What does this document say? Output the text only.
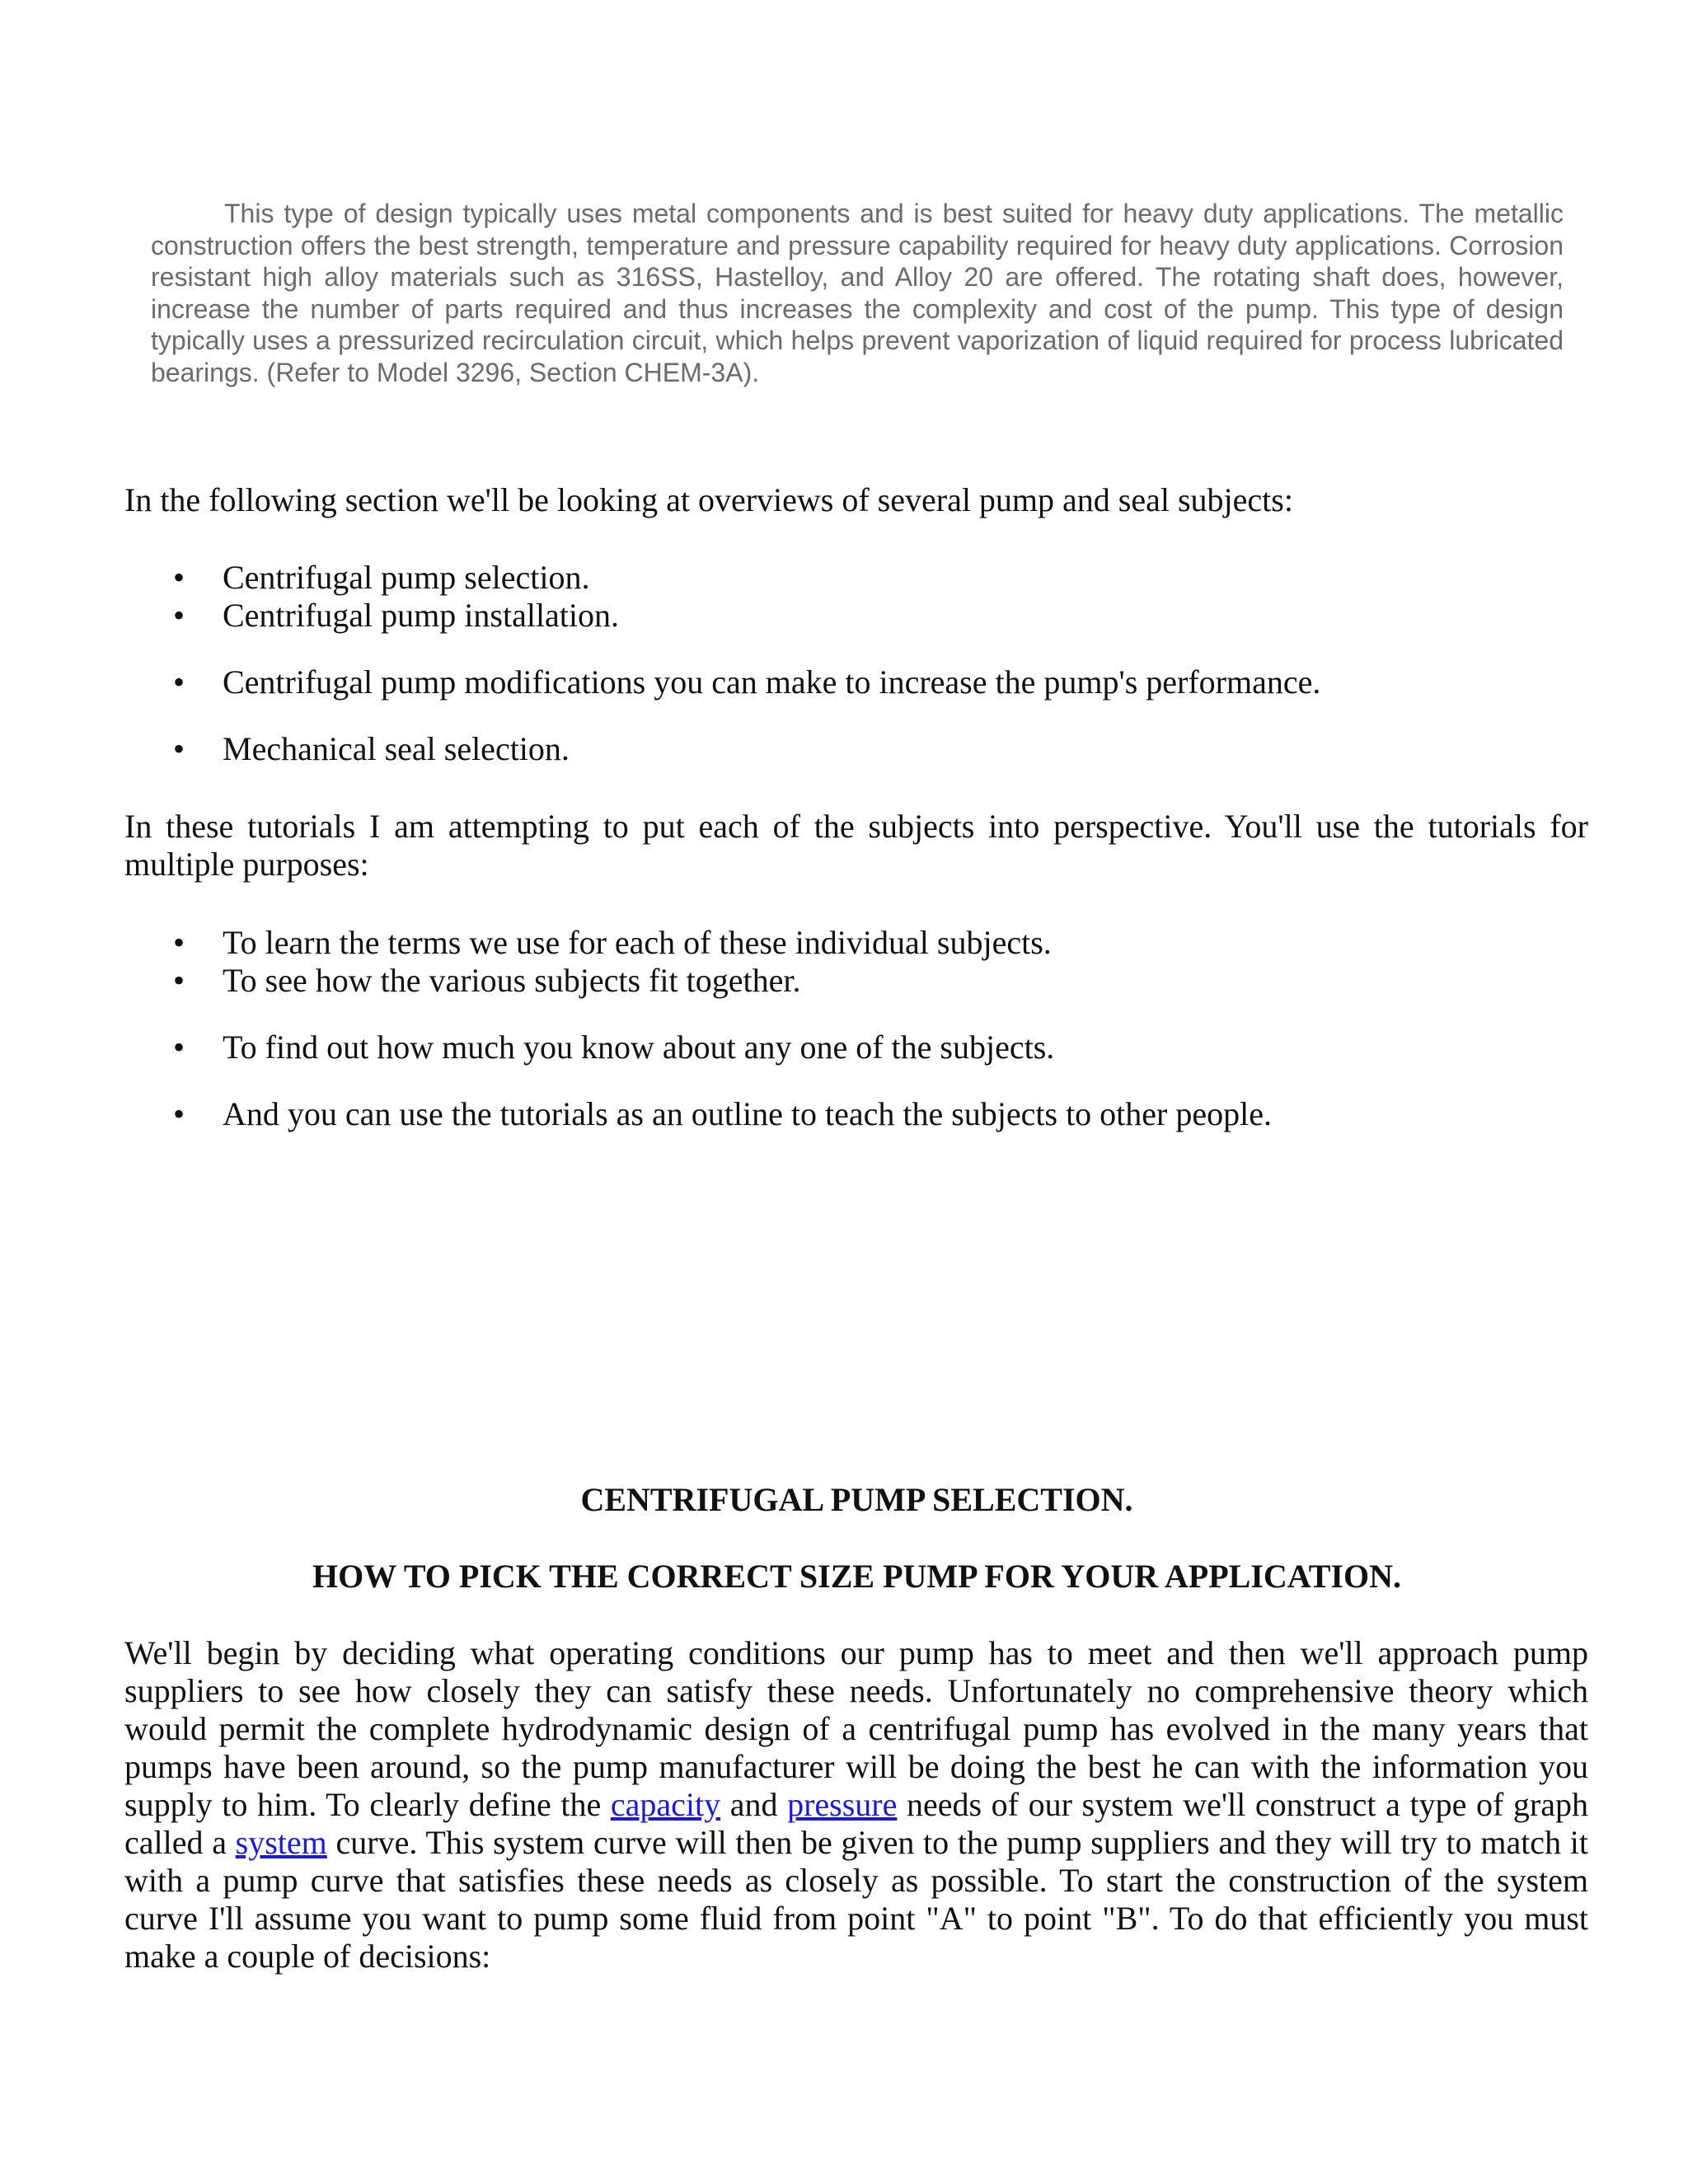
This type of design typically uses metal components and is best suited for heavy duty applications. The metallic construction offers the best strength, temperature and pressure capability required for heavy duty applications. Corrosion resistant high alloy materials such as 316SS, Hastelloy, and Alloy 20 are offered. The rotating shaft does, however, increase the number of parts required and thus increases the complexity and cost of the pump. This type of design typically uses a pressurized recirculation circuit, which helps prevent vaporization of liquid required for process lubricated bearings. (Refer to Model 3296, Section CHEM-3A).

In the following section we'll be looking at overviews of several pump and seal subjects:

• Centrifugal pump selection.

• Centrifugal pump installation.

• Centrifugal pump modifications you can make to increase the pump's performance.

• Mechanical seal selection.

In these tutorials I am attempting to put each of the subjects into perspective. You'll use the tutorials for multiple purposes:

• To learn the terms we use for each of these individual subjects.

• To see how the various subjects fit together.

• To find out how much you know about any one of the subjects.

• And you can use the tutorials as an outline to teach the subjects to other people.

CENTRIFUGAL PUMP SELECTION.

HOW TO PICK THE CORRECT SIZE PUMP FOR YOUR APPLICATION.

We'll begin by deciding what operating conditions our pump has to meet and then we'll approach pump suppliers to see how closely they can satisfy these needs. Unfortunately no comprehensive theory which would permit the complete hydrodynamic design of a centrifugal pump has evolved in the many years that pumps have been around, so the pump manufacturer will be doing the best he can with the information you supply to him. To clearly define the capacity and pressure needs of our system we'll construct a type of graph called a system curve. This system curve will then be given to the pump suppliers and they will try to match it with a pump curve that satisfies these needs as closely as possible. To start the construction of the system curve I'll assume you want to pump some fluid from point "A" to point "B". To do that efficiently you must make a couple of decisions:
